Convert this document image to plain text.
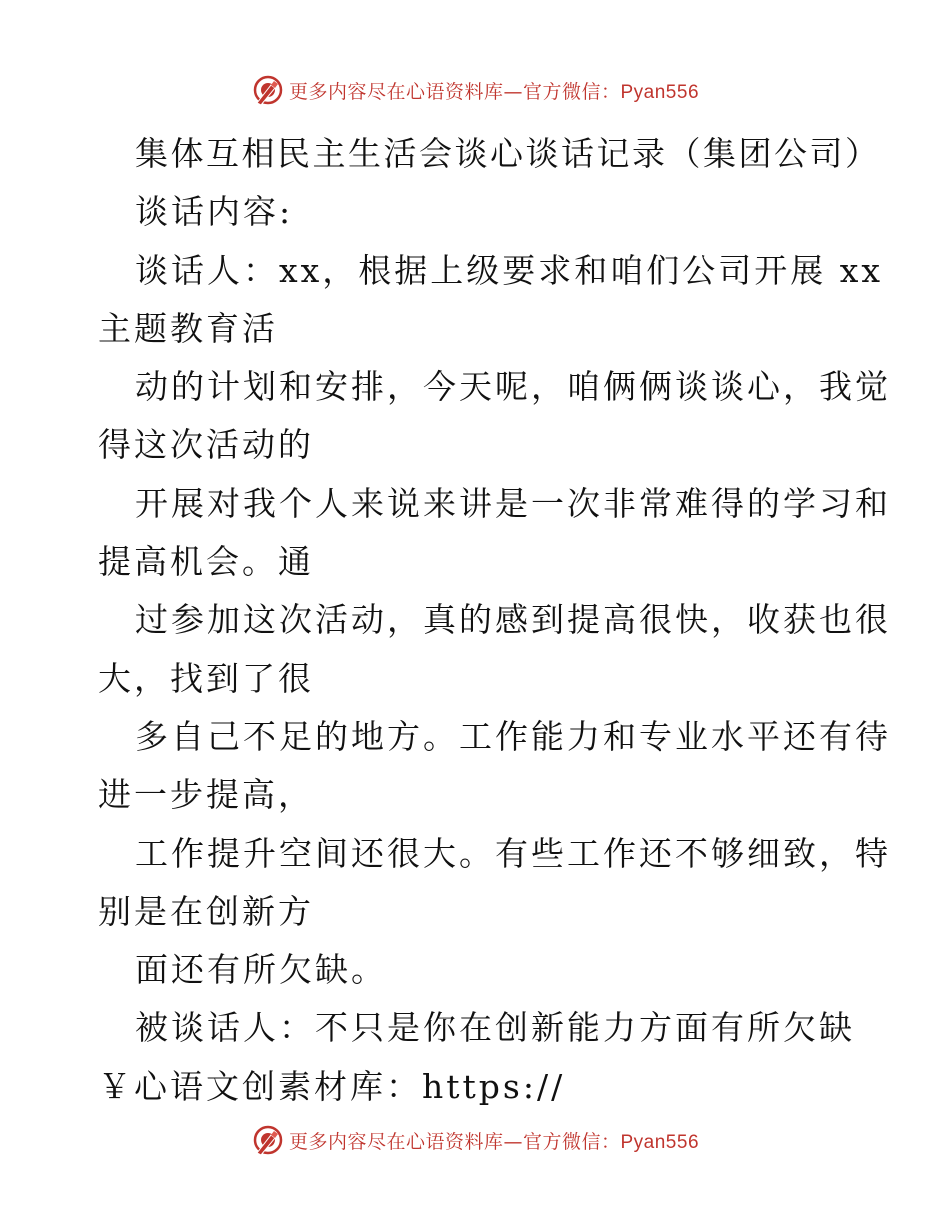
更多内容尽在心语资料库—官方微信：Pyan556
集体互相民主生活会谈心谈话记录（集团公司）
谈话内容:
谈话人：xx，根据上级要求和咱们公司开展 xx
主题教育活
动的计划和安排，今天呢，咱俩俩谈谈心，我觉
得这次活动的
开展对我个人来说来讲是一次非常难得的学习和
提高机会。通
过参加这次活动，真的感到提高很快，收获也很
大，找到了很
多自己不足的地方。工作能力和专业水平还有待
进一步提高，
工作提升空间还很大。有些工作还不够细致，特
别是在创新方
面还有所欠缺。
被谈话人：不只是你在创新能力方面有所欠缺
￥心语文创素材库：https://
更多内容尽在心语资料库—官方微信：Pyan556
